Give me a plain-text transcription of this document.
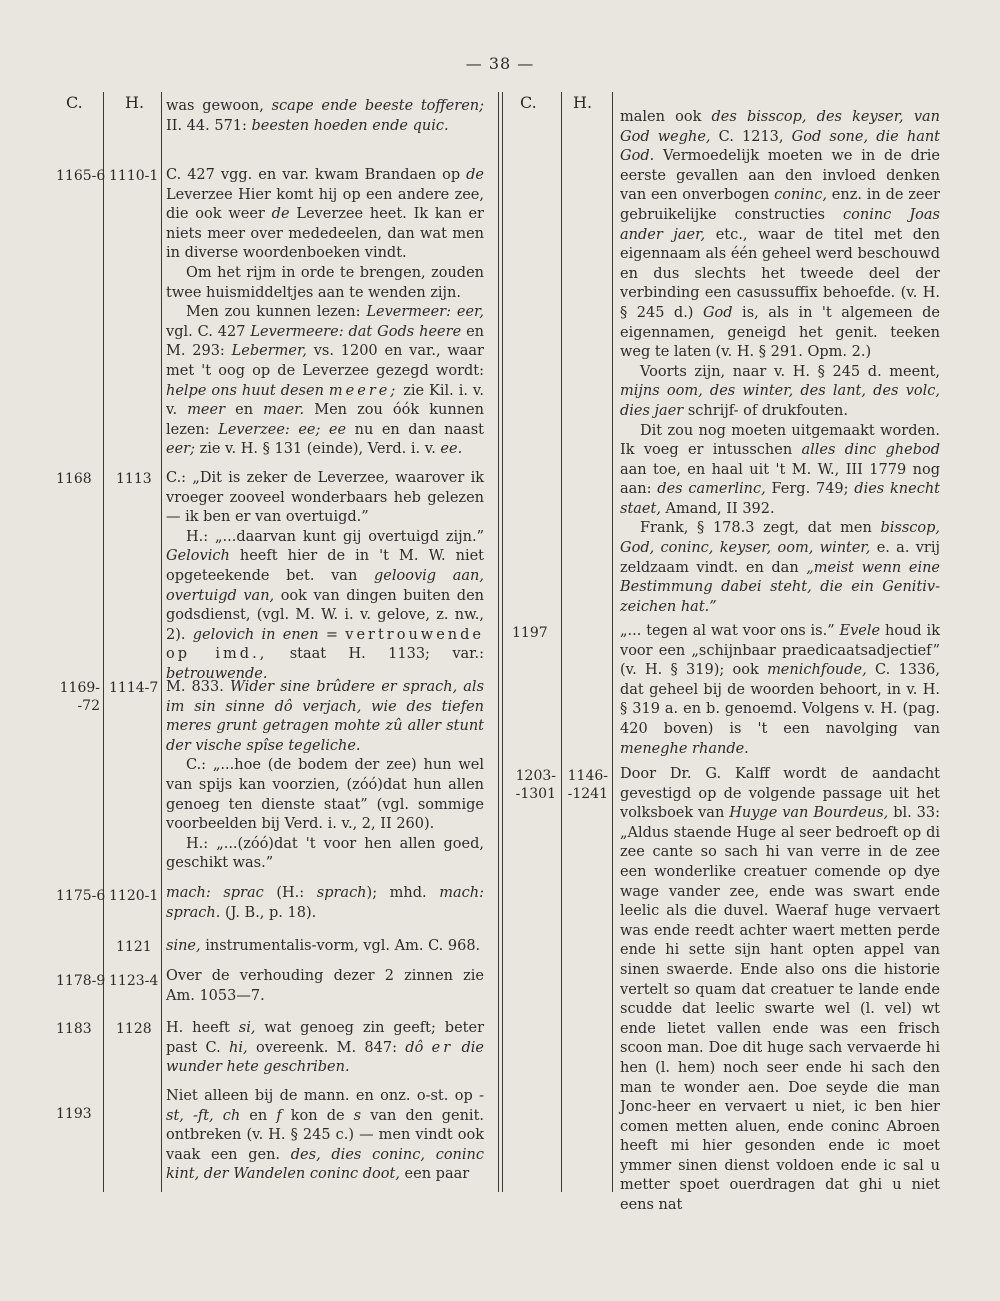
— 38 —
C.	H.	C. H.
1165-6 1110-1
1168 1113
1169-
-72
1114-7
1175-6 1120-1
1121
1178-9 1123-4
1183 1128
1193
1197
1203-
-1301
1146-
-1241

was gewoon, scape ende beeste tofferen; II. 44. 571: beesten hoeden ende quic.

C. 427 vgg. en var. kwam Brandaen op de Leverzee Hier komt hij op een andere zee, die ook weer de Leverzee heet. Ik kan er niets meer over mededeelen, dan wat men in diverse woordenboeken vindt.

Om het rijm in orde te brengen, zouden twee huismiddeltjes aan te wenden zijn.

Men zou kunnen lezen: Levermeer: eer, vgl. C. 427 Levermeere: dat Gods heere en M. 293: Lebermer, vs. 1200 en var., waar met 't oog op de Leverzee gezegd wordt: helpe ons huut desen meere; zie Kil. i. v. v. meer en maer. Men zou óók kunnen lezen: Leverzee: ee; ee nu en dan naast eer; zie v. H. § 131 (einde), Verd. i. v. ee.

C.: „Dit is zeker de Leverzee, waarover ik vroeger zooveel wonderbaars heb gelezen — ik ben er van overtuigd.”

H.: „...daarvan kunt gij overtuigd zijn.” Gelovich heeft hier de in 't M. W. niet opgeteekende bet. van geloovig aan, overtuigd van, ook van dingen buiten den godsdienst, (vgl. M. W. i. v. gelove, z. nw., 2). gelovich in enen = vertrouwende op imd., staat H. 1133; var.: betrouwende.

M. 833. Wider sine brûdere er sprach, als im sin sinne dô verjach, wie des tiefen meres grunt getragen mohte zû aller stunt der vische spîse tegeliche.

C.: „...hoe (de bodem der zee) hun wel van spijs kan voorzien, (zóó)dat hun allen genoeg ten dienste staat” (vgl. sommige voorbeelden bij Verd. i. v., 2, II 260).

H.: „...(zóó)dat 't voor hen allen goed, geschikt was.”

mach: sprac (H.: sprach); mhd. mach: sprach. (J. B., p. 18).

sine, instrumentalis-vorm, vgl. Am. C. 968.

Over de verhouding dezer 2 zinnen zie Am. 1053—7.

H. heeft si, wat genoeg zin geeft; beter past C. hi, overeenk. M. 847: dô er die wunder hete geschriben.

Niet alleen bij de mann. en onz. o-st. op -st, -ft, ch en f kon de s van den genit. ontbreken (v. H. § 245 c.) — men vindt ook vaak een gen. des, dies coninc, coninc kint, der Wandelen coninc doot, een paar

malen ook des bisscop, des keyser, van God weghe, C. 1213, God sone, die hant God. Vermoedelijk moeten we in de drie eerste gevallen aan den invloed denken van een onverbogen coninc, enz. in de zeer gebruikelijke constructies coninc Joas ander jaer, etc., waar de titel met den eigennaam als één geheel werd beschouwd en dus slechts het tweede deel der verbinding een casussuffix behoefde. (v. H. § 245 d.) God is, als in 't algemeen de eigennamen, geneigd het genit. teeken weg te laten (v. H. § 291. Opm. 2.)

Voorts zijn, naar v. H. § 245 d. meent, mijns oom, des winter, des lant, des volc, dies jaer schrijf- of drukfouten.

Dit zou nog moeten uitgemaakt worden. Ik voeg er intusschen alles dinc ghebod aan toe, en haal uit 't M. W., III 1779 nog aan: des camerlinc, Ferg. 749; dies knecht staet, Amand, II 392.

Frank, § 178.3 zegt, dat men bisscop, God, coninc, keyser, oom, winter, e. a. vrij zeldzaam vindt. en dan „meist wenn eine Bestimmung dabei steht, die ein Genitiv-zeichen hat.”

„... tegen al wat voor ons is.” Evele houd ik voor een „schijnbaar praedicaatsadjectief” (v. H. § 319); ook menichfoude, C. 1336, dat geheel bij de woorden behoort, in v. H. § 319 a. en b. genoemd. Volgens v. H. (pag. 420 boven) is 't een navolging van meneghe rhande.

Door Dr. G. Kalff wordt de aandacht gevestigd op de volgende passage uit het volksboek van Huyge van Bourdeus, bl. 33: „Aldus staende Huge al seer bedroeft op di zee cante so sach hi van verre in de zee een wonderlike creatuer comende op dye wage vander zee, ende was swart ende leelic als die duvel. Waeraf huge vervaert was ende reedt achter waert metten perde ende hi sette sijn hant opten appel van sinen swaerde. Ende also ons die historie vertelt so quam dat creatuer te lande ende scudde dat leelic swarte wel (l. vel) wt ende lietet vallen ende was een frisch scoon man. Doe dit huge sach vervaerde hi hen (l. hem) noch seer ende hi sach den man te wonder aen. Doe seyde die man Jonc-heer en vervaert u niet, ic ben hier comen metten aluen, ende coninc Abroen heeft mi hier gesonden ende ic moet ymmer sinen dienst voldoen ende ic sal u metter spoet ouerdragen dat ghi u niet eens nat
